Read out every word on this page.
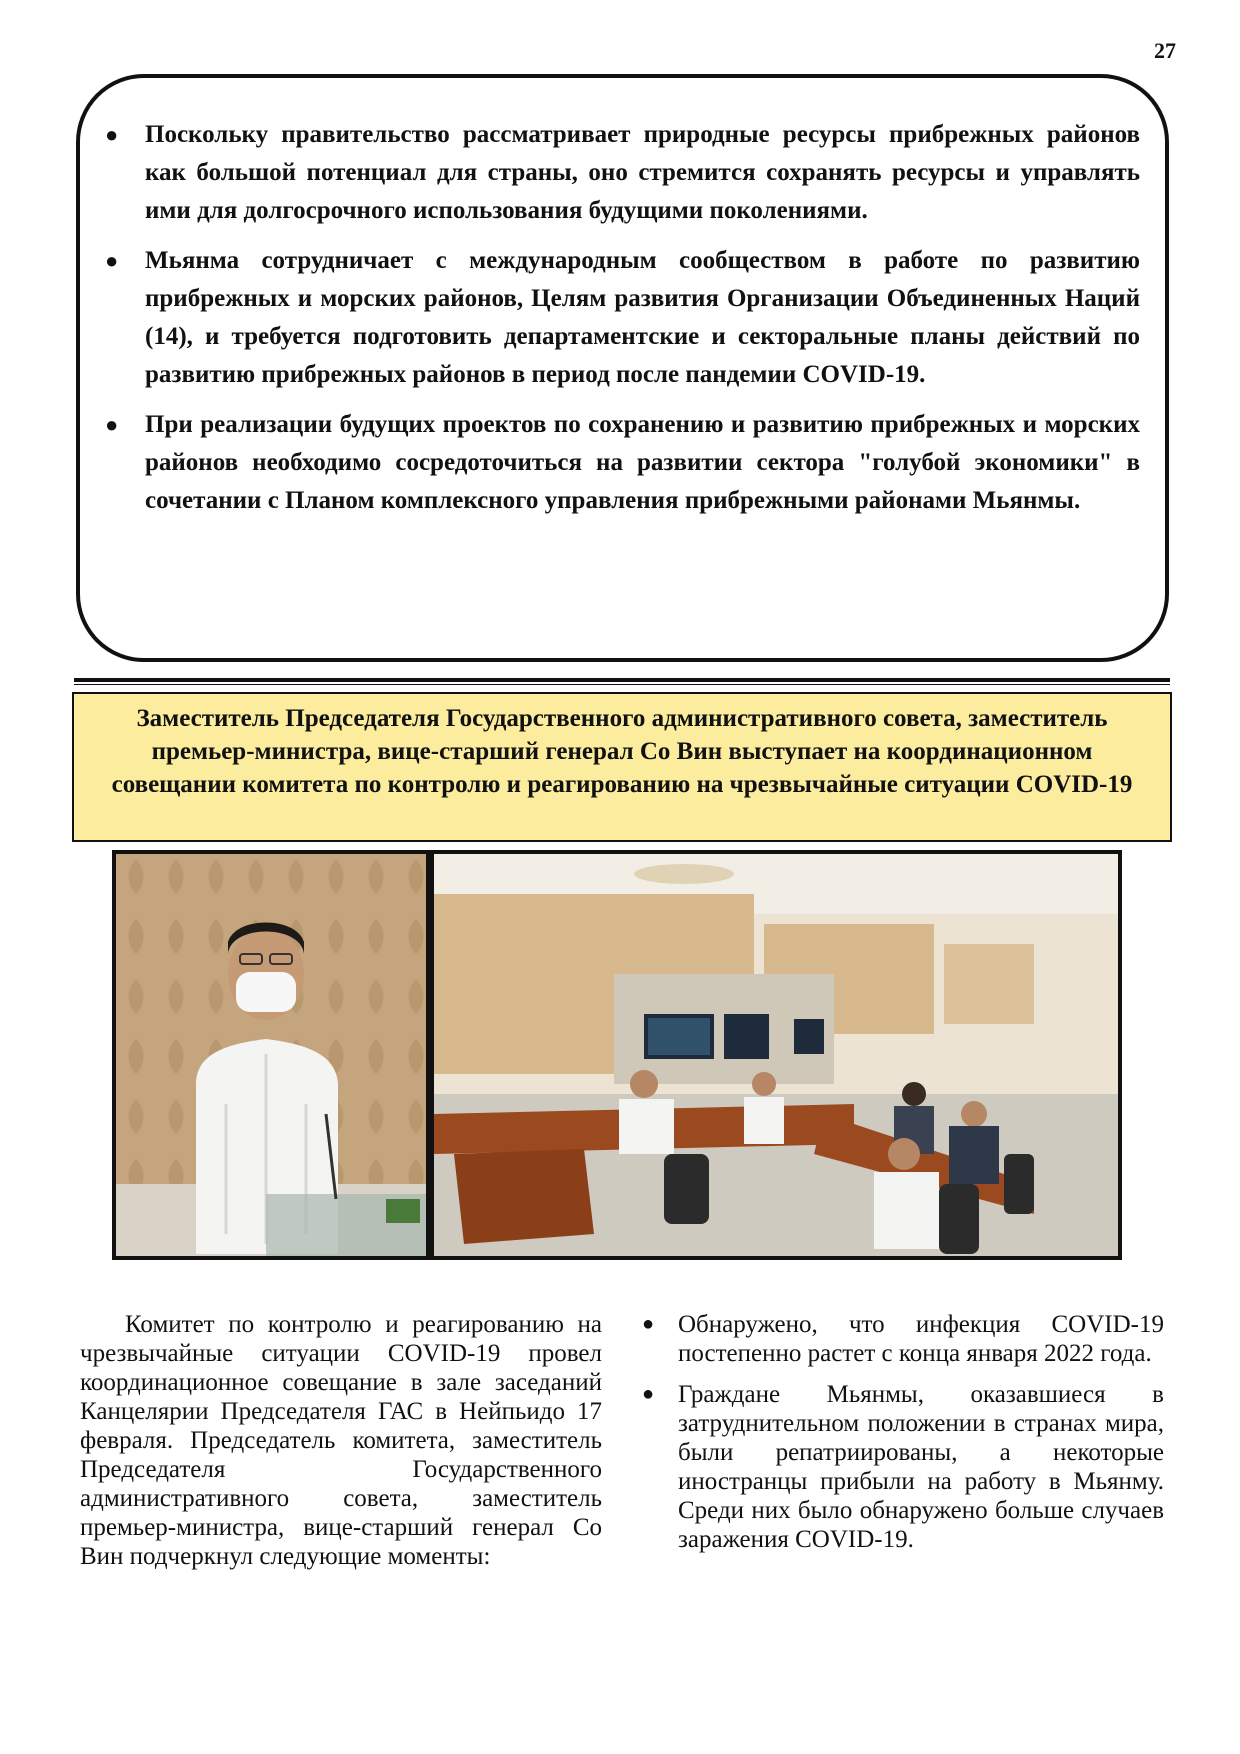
27
● Поскольку правительство рассматривает природные ресурсы прибрежных районов как большой потенциал для страны, оно стремится сохранять ресурсы и управлять ими для долгосрочного использования будущими поколениями.
● Мьянма сотрудничает с международным сообществом в работе по развитию прибрежных и морских районов, Целям развития Организации Объединенных Наций (14), и требуется подготовить департаментские и секторальные планы действий по развитию прибрежных районов в период после пандемии COVID-19.
● При реализации будущих проектов по сохранению и развитию прибрежных и морских районов необходимо сосредоточиться на развитии сектора "голубой экономики" в сочетании с Планом комплексного управления прибрежными районами Мьянмы.
Заместитель Председателя Государственного административного совета, заместитель премьер-министра, вице-старший генерал Со Вин выступает на координационном совещании комитета по контролю и реагированию на чрезвычайные ситуации COVID-19

Комитет по контролю и реагированию на чрезвычайные ситуации COVID-19 провел координационное совещание в зале заседаний Канцелярии Председателя ГАС в Нейпьидо 17 февраля. Председатель комитета, заместитель Председателя Государственного административного совета, заместитель премьер-министра, вице-старший генерал Со Вин подчеркнул следующие моменты:

● Обнаружено, что инфекция COVID-19 постепенно растет с конца января 2022 года.
● Граждане Мьянмы, оказавшиеся в затруднительном положении в странах мира, были репатриированы, а некоторые иностранцы прибыли на работу в Мьянму. Среди них было обнаружено больше случаев заражения COVID-19.
